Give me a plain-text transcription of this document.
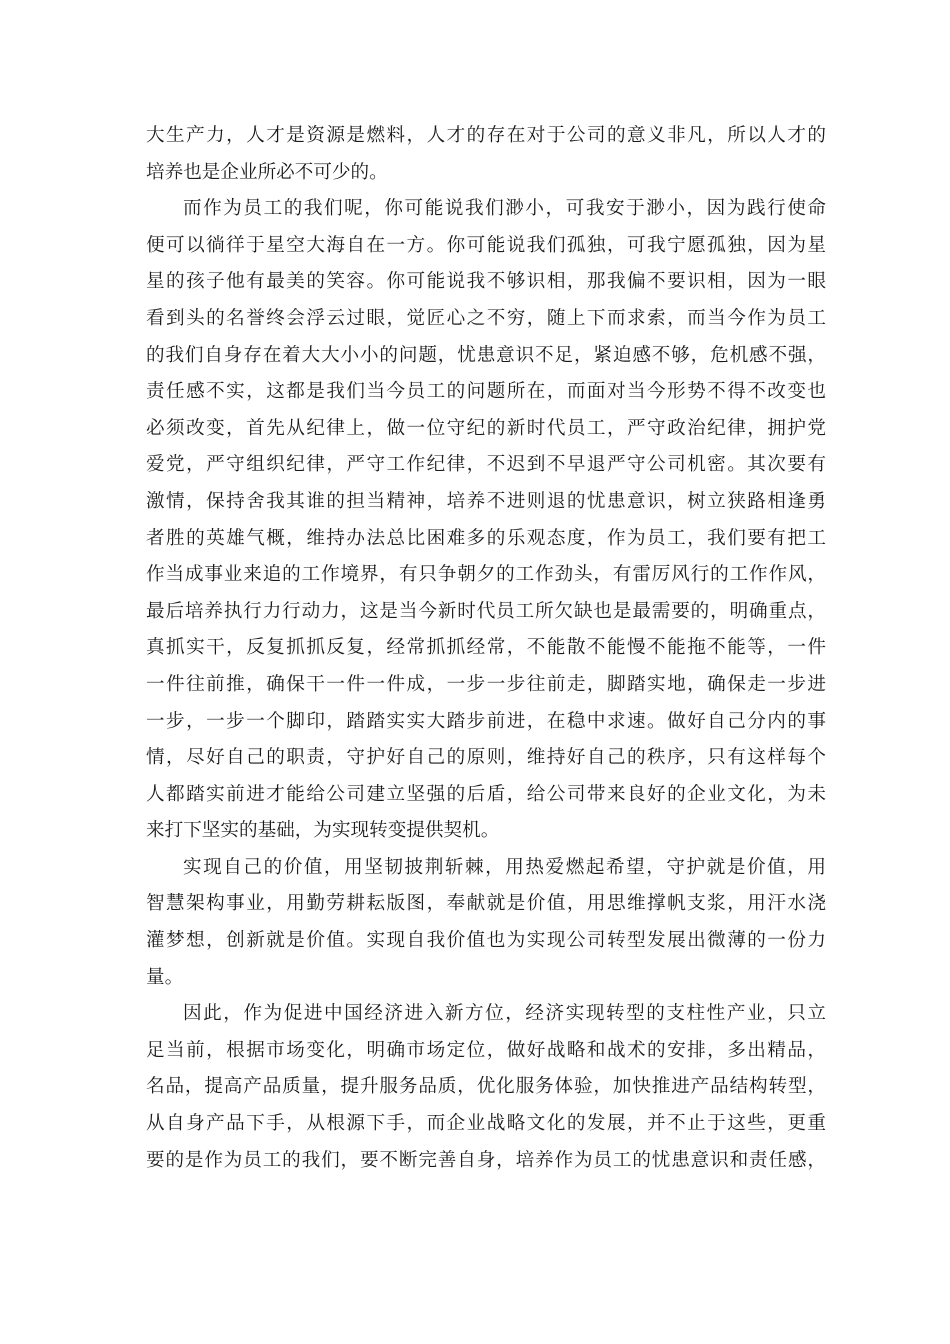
大生产力，人才是资源是燃料，人才的存在对于公司的意义非凡，所以人才的
培养也是企业所必不可少的。
而作为员工的我们呢，你可能说我们渺小，可我安于渺小，因为践行使命
便可以徜徉于星空大海自在一方。你可能说我们孤独，可我宁愿孤独，因为星
星的孩子他有最美的笑容。你可能说我不够识相，那我偏不要识相，因为一眼
看到头的名誉终会浮云过眼，觉匠心之不穷，随上下而求索，而当今作为员工
的我们自身存在着大大小小的问题，忧患意识不足，紧迫感不够，危机感不强，
责任感不实，这都是我们当今员工的问题所在，而面对当今形势不得不改变也
必须改变，首先从纪律上，做一位守纪的新时代员工，严守政治纪律，拥护党
爱党，严守组织纪律，严守工作纪律，不迟到不早退严守公司机密。其次要有
激情，保持舍我其谁的担当精神，培养不进则退的忧患意识，树立狭路相逢勇
者胜的英雄气概，维持办法总比困难多的乐观态度，作为员工，我们要有把工
作当成事业来追的工作境界，有只争朝夕的工作劲头，有雷厉风行的工作作风，
最后培养执行力行动力，这是当今新时代员工所欠缺也是最需要的，明确重点，
真抓实干，反复抓抓反复，经常抓抓经常，不能散不能慢不能拖不能等，一件
一件往前推，确保干一件一件成，一步一步往前走，脚踏实地，确保走一步进
一步，一步一个脚印，踏踏实实大踏步前进，在稳中求速。做好自己分内的事
情，尽好自己的职责，守护好自己的原则，维持好自己的秩序，只有这样每个
人都踏实前进才能给公司建立坚强的后盾，给公司带来良好的企业文化，为未
来打下坚实的基础，为实现转变提供契机。
实现自己的价值，用坚韧披荆斩棘，用热爱燃起希望，守护就是价值，用
智慧架构事业，用勤劳耕耘版图，奉献就是价值，用思维撑帆支浆，用汗水浇
灌梦想，创新就是价值。实现自我价值也为实现公司转型发展出微薄的一份力
量。
因此，作为促进中国经济进入新方位，经济实现转型的支柱性产业，只立
足当前，根据市场变化，明确市场定位，做好战略和战术的安排，多出精品，
名品，提高产品质量，提升服务品质，优化服务体验，加快推进产品结构转型，
从自身产品下手，从根源下手，而企业战略文化的发展，并不止于这些，更重
要的是作为员工的我们，要不断完善自身，培养作为员工的忧患意识和责任感，
